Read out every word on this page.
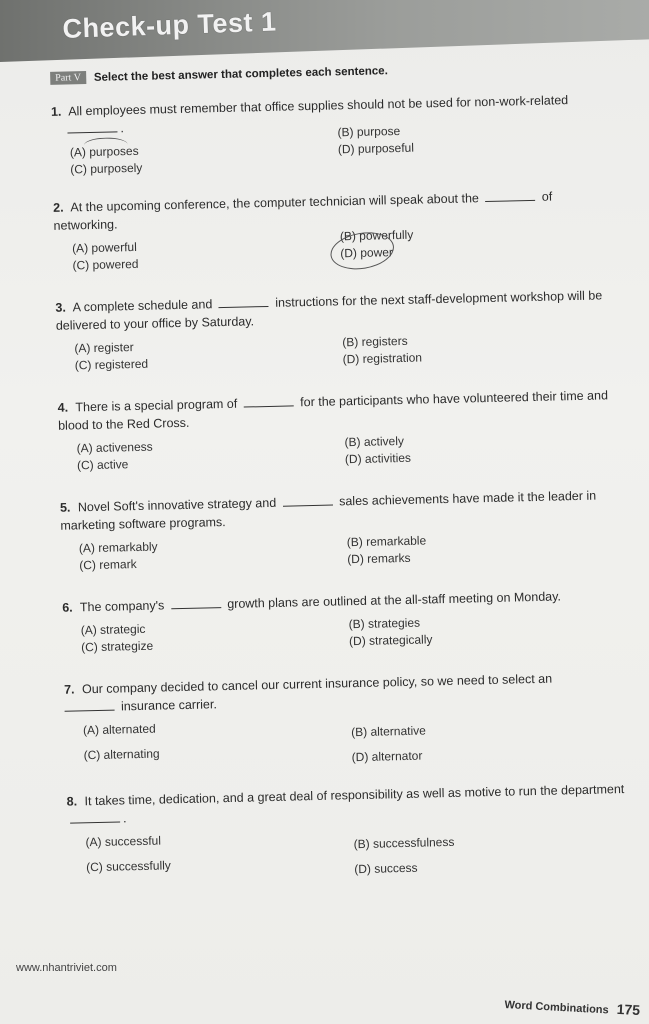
Check-up Test 1
Part V	Select the best answer that completes each sentence.
1. All employees must remember that office supplies should not be used for non-work-related
.
(A) purposes
(B) purpose
(C) purposely
(D) purposeful
2. At the upcoming conference, the computer technician will speak about the	of networking.
(A) powerful
(B) powerfully
(C) powered
(D) power
3. A complete schedule and	instructions for the next staff-development workshop will be delivered to your office by Saturday.
(A) register	(B) registers
(C) registered	(D) registration
4. There is a special program of	for the participants who have volunteered their time and blood to the Red Cross.
(A) activeness	(B) actively
(C) active	(D) activities
5. Novel Soft's innovative strategy and	sales achievements have made it the leader in marketing software programs.
(A) remarkably	(B) remarkable
(C) remark	(D) remarks
6. The company's	growth plans are outlined at the all-staff meeting on Monday.
(A) strategic	(B) strategies
(C) strategize	(D) strategically
7. Our company decided to cancel our current insurance policy, so we need to select an
insurance carrier.
(A) alternated	(B) alternative
(C) alternating	(D) alternator
8. It takes time, dedication, and a great deal of responsibility as well as motive to run the department .
(A) successful	(B) successfulness
(C) successfully	(D) success
www.nhantriviet.com
Word Combinations 175
